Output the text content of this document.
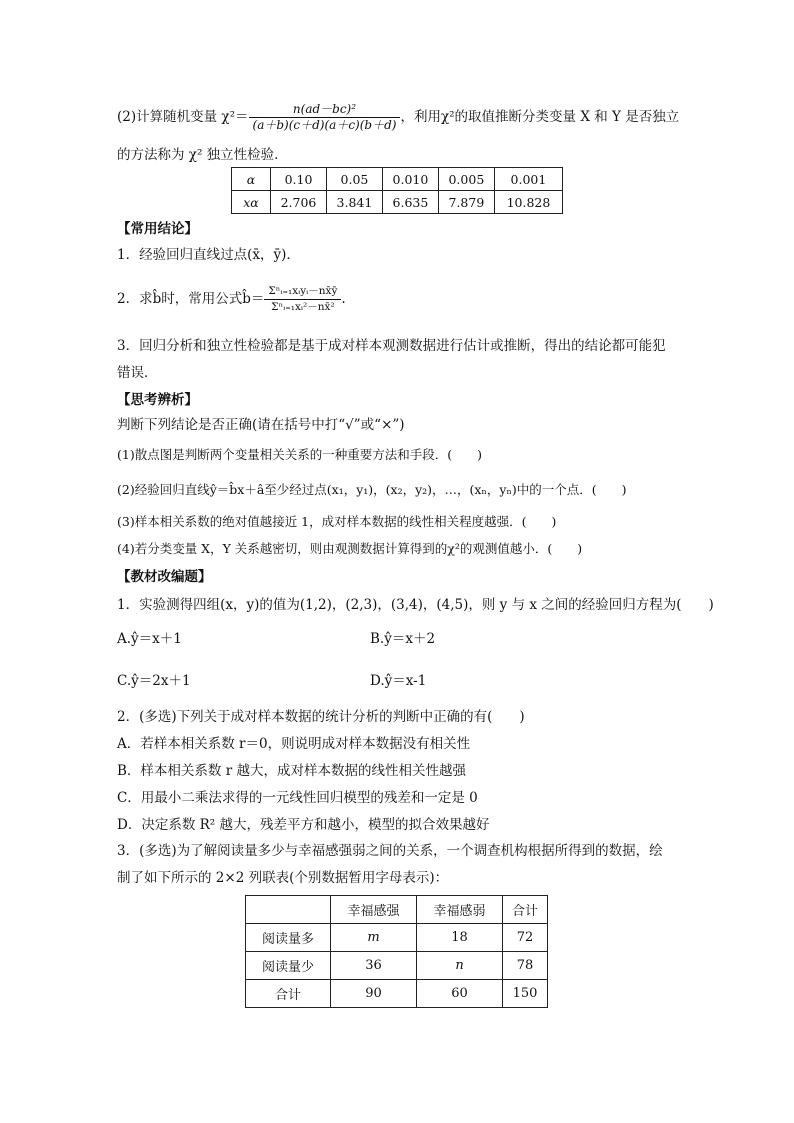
(2)计算随机变量 $\chi^2= \frac{\text{n(ad－bc)²}}{(a+b)(c+d)(a+c)(b+d)}$ ，利用χ²的取值推断分类变量 X 和 Y 是否独立
的方法称为 χ² 独立性检验．
α	0.10	0.05	0.010	0.005	0.001
xα	2.706	3.841	6.635	7.879	10.828
【常用结论】
1．经验回归直线过点(x̄，ȳ)．
2．求b̂时，常用公式b̂＝ $\frac{\text{Σⁿᵢ₌₁xᵢyᵢ－nx̄ȳ}}{\text{Σⁿᵢ₌₁xᵢ²－nx̄²}}$ .
3．回归分析和独立性检验都是基于成对样本观测数据进行估计或推断，得出的结论都可能犯
错误．
【思考辨析】
判断下列结论是否正确(请在括号中打“√”或“×”)
(1)散点图是判断两个变量相关关系的一种重要方法和手段．(　　)
(2)经验回归直线ŷ＝b̂x＋â至少经过点(x₁，y₁)，(x₂，y₂)，…，(xₙ，yₙ)中的一个点．(　　)
(3)样本相关系数的绝对值越接近 1，成对样本数据的线性相关程度越强．(　　)
(4)若分类变量 X，Y 关系越密切，则由观测数据计算得到的χ²的观测值越小．(　　)
【教材改编题】
1．实验测得四组(x，y)的值为(1,2)，(2,3)，(3,4)，(4,5)，则 y 与 x 之间的经验回归方程为(　　)
A.ŷ＝x＋1	B.ŷ＝x＋2
C.ŷ＝2x＋1	D.ŷ＝x-1
2．(多选)下列关于成对样本数据的统计分析的判断中正确的有(　　)
A．若样本相关系数 r＝0，则说明成对样本数据没有相关性
B．样本相关系数 r 越大，成对样本数据的线性相关性越强
C．用最小二乘法求得的一元线性回归模型的残差和一定是 0
D．决定系数 R² 越大，残差平方和越小，模型的拟合效果越好
3．(多选)为了解阅读量多少与幸福感强弱之间的关系，一个调查机构根据所得到的数据，绘
制了如下所示的 2×2 列联表(个别数据暂用字母表示)：
	幸福感强	幸福感弱	合计
阅读量多	m	18	72
阅读量少	36	n	78
合计	90	60	150
